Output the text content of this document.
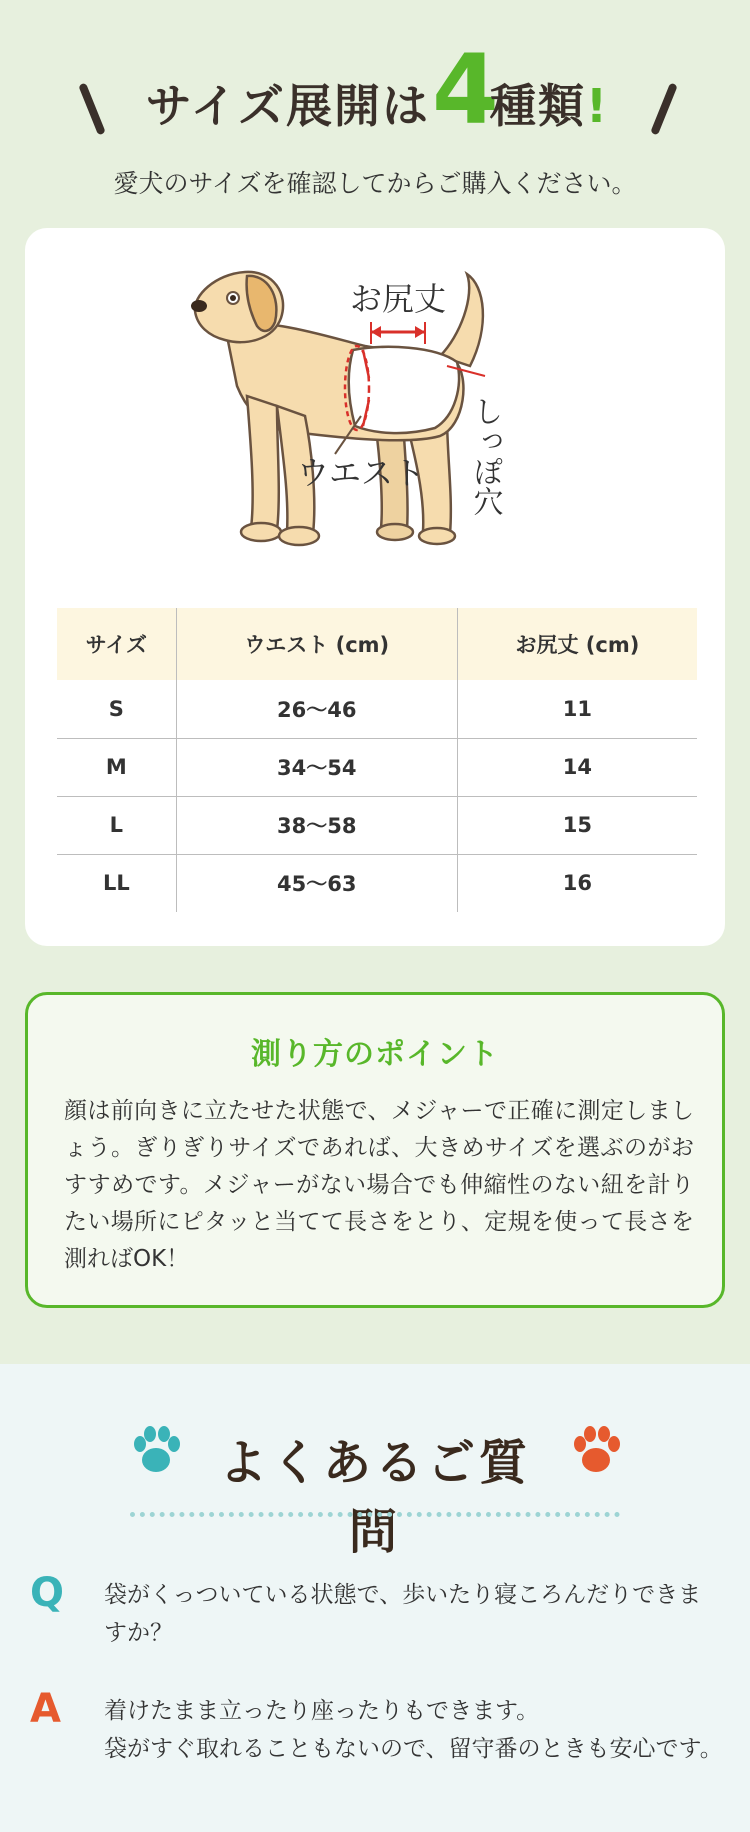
サイズ展開は 4
種類!
愛犬のサイズを確認してからご購入ください。
お尻丈
ウエスト しっぽ穴
サイズ	ウエスト (cm)	お尻丈 (cm)
S	26〜46	11
M	34〜54	14
L	38〜58	15
LL	45〜63	16
測り方のポイント

顔は前向きに立たせた状態で、メジャーで正確に測定しましょう。ぎりぎりサイズであれば、大きめサイズを選ぶのがおすすめです。メジャーがない場合でも伸縮性のない紐を計りたい場所にピタッと当てて長さをとり、定規を使って長さを測ればOK！

よくあるご質問
Q 袋がくっついている状態で、歩いたり寝ころんだりできますか？
A 着けたまま立ったり座ったりもできます。
袋がすぐ取れることもないので、留守番のときも安心です。
